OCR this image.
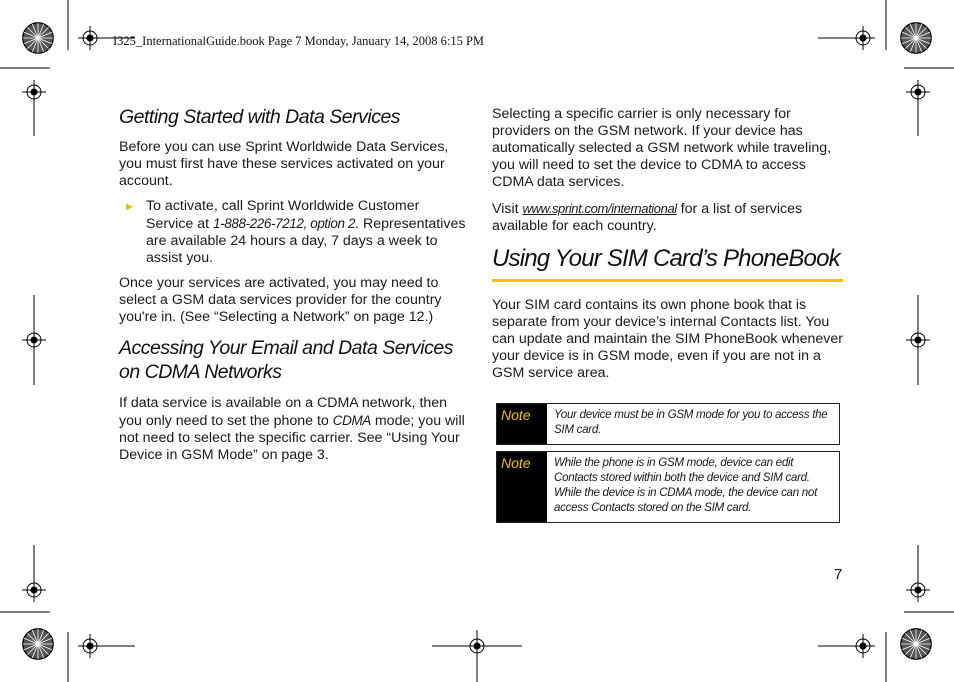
I325_InternationalGuide.book Page 7 Monday, January 14, 2008 6:15 PM
Getting Started with Data Services

Before you can use Sprint Worldwide Data Services, you must first have these services activated on your account.

► To activate, call Sprint Worldwide Customer Service at 1-888-226-7212, option 2. Representatives are available 24 hours a day, 7 days a week to assist you.

Once your services are activated, you may need to select a GSM data services provider for the country you're in. (See “Selecting a Network” on page 12.)

Accessing Your Email and Data Services on CDMA Networks

If data service is available on a CDMA network, then you only need to set the phone to CDMA mode; you will not need to select the specific carrier. See “Using Your Device in GSM Mode” on page 3.

Selecting a specific carrier is only necessary for providers on the GSM network. If your device has automatically selected a GSM network while traveling, you will need to set the device to CDMA to access CDMA data services.

Visit www.sprint.com/international for a list of services available for each country.

Using Your SIM Card’s PhoneBook

Your SIM card contains its own phone book that is separate from your device’s internal Contacts list. You can update and maintain the SIM PhoneBook whenever your device is in GSM mode, even if you are not in a GSM service area.

Note	Your device must be in GSM mode for you to access the SIM card.
Note	While the phone is in GSM mode, device can edit Contacts stored within both the device and SIM card. While the device is in CDMA mode, the device can not access Contacts stored on the SIM card.
7
